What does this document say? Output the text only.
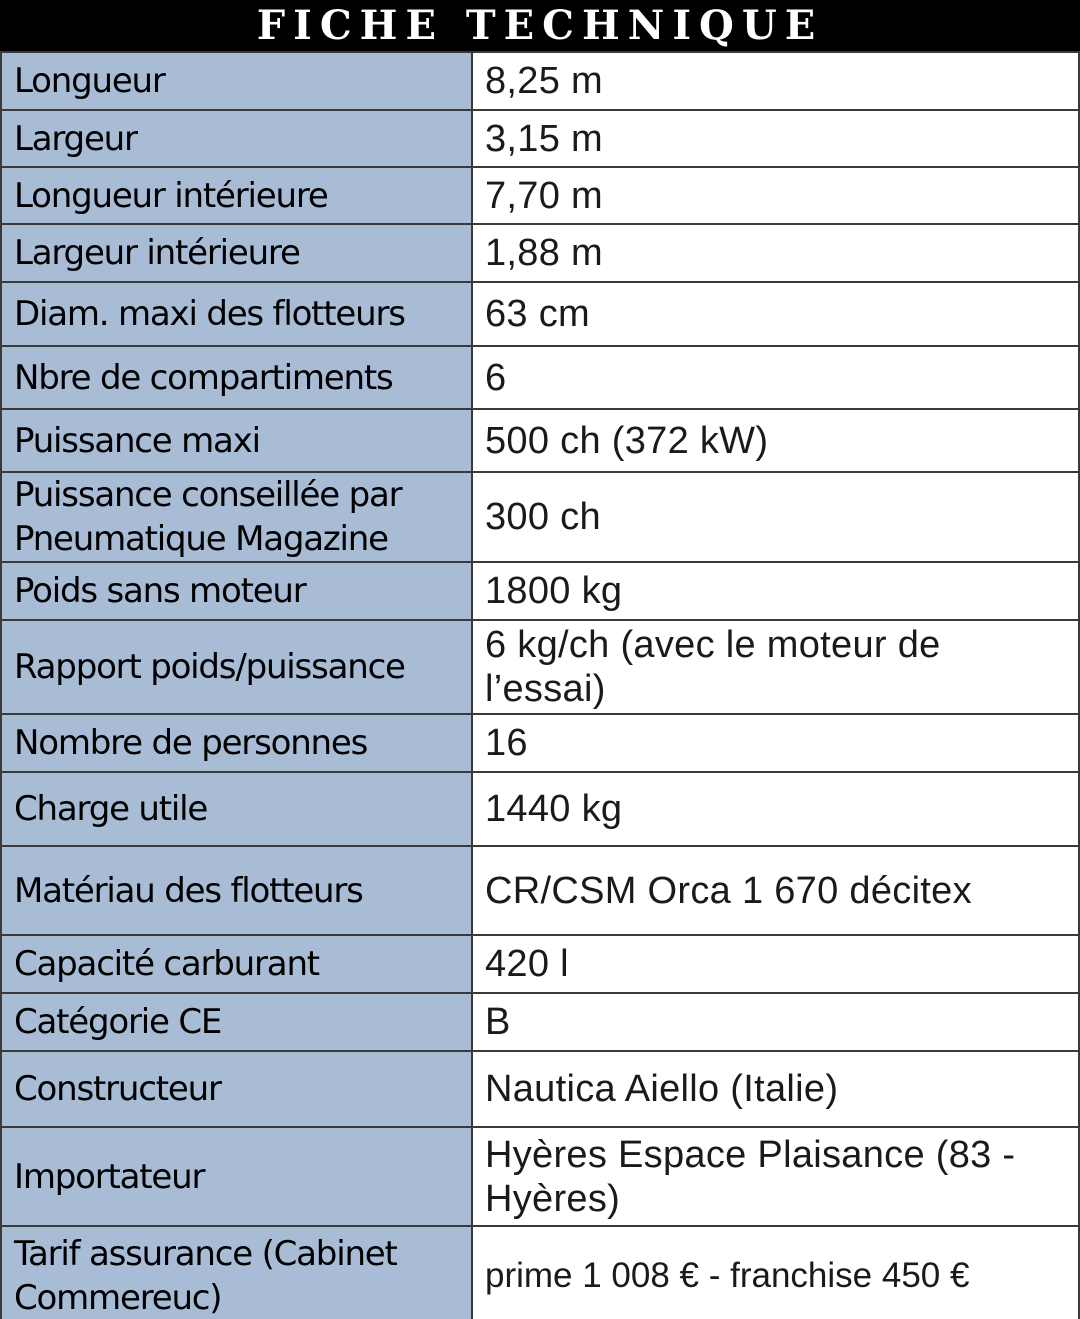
FICHE TECHNIQUE
Longueur	8,25 m
Largeur	3,15 m
Longueur intérieure	7,70 m
Largeur intérieure	1,88 m
Diam. maxi des flotteurs	63 cm
Nbre de compartiments	6
Puissance maxi	500 ch (372 kW)
Puissance conseillée par Pneumatique Magazine	300 ch
Poids sans moteur	1800 kg
Rapport poids/puissance	6 kg/ch (avec le moteur de l’essai)
Nombre de personnes	16
Charge utile	1440 kg
Matériau des flotteurs	CR/CSM Orca 1 670 décitex
Capacité carburant	420 l
Catégorie CE	B
Constructeur	Nautica Aiello (Italie)
Importateur	Hyères Espace Plaisance (83 - Hyères)
Tarif assurance (Cabinet Commereuc)	prime 1 008 € - franchise 450 €
